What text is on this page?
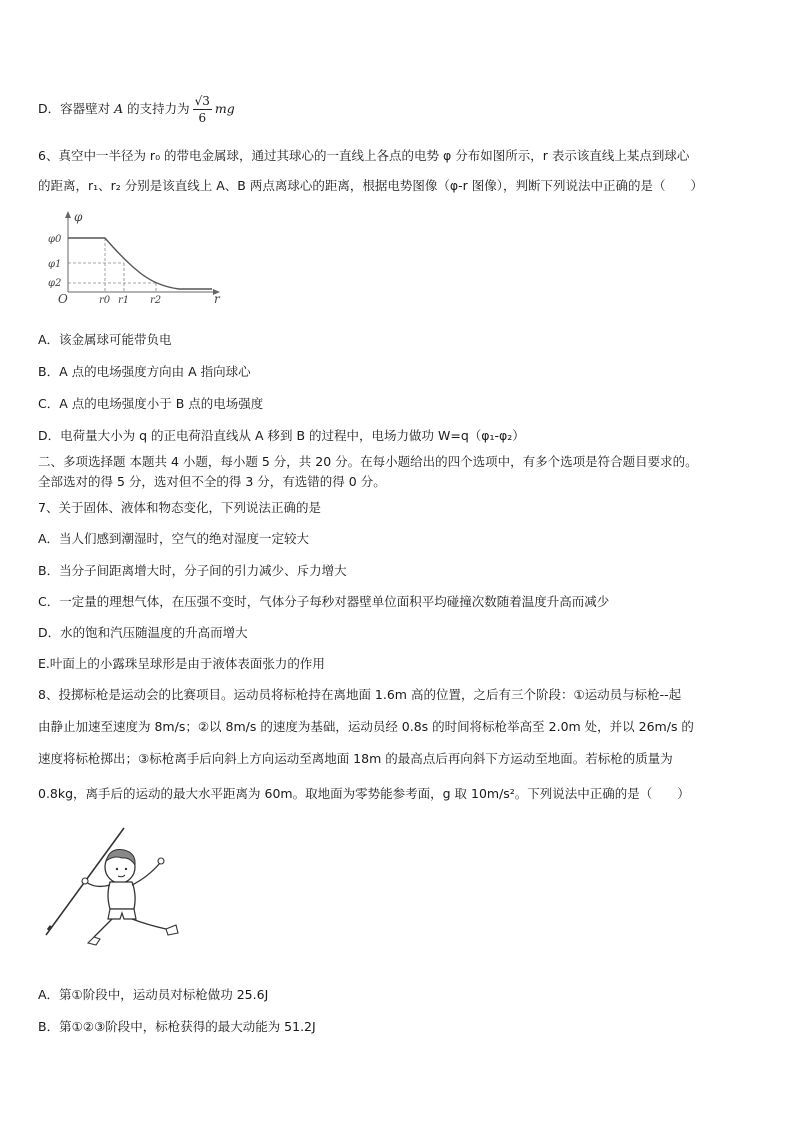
D．容器壁对 A 的支持力为 $\frac{√3}{6}$ mg
6、真空中一半径为 r₀ 的带电金属球，通过其球心的一直线上各点的电势 φ 分布如图所示，r 表示该直线上某点到球心
的距离，r₁、r₂ 分别是该直线上 A、B 两点离球心的距离，根据电势图像（φ-r 图像），判断下列说法中正确的是（　　）
φ
r
O
φ0
φ1
φ2
r0 r1 r2
A．该金属球可能带负电
B．A 点的电场强度方向由 A 指向球心
C．A 点的电场强度小于 B 点的电场强度
D．电荷量大小为 q 的正电荷沿直线从 A 移到 B 的过程中，电场力做功 W=q（φ₁-φ₂）
二、多项选择题 本题共 4 小题，每小题 5 分，共 20 分。在每小题给出的四个选项中，有多个选项是符合题目要求的。
全部选对的得 5 分，选对但不全的得 3 分，有选错的得 0 分。
7、关于固体、液体和物态变化，下列说法正确的是
A．当人们感到潮湿时，空气的绝对湿度一定较大
B．当分子间距离增大时，分子间的引力减少、斥力增大
C．一定量的理想气体，在压强不变时，气体分子每秒对器壁单位面积平均碰撞次数随着温度升高而减少
D．水的饱和汽压随温度的升高而增大
E.叶面上的小露珠呈球形是由于液体表面张力的作用
8、投掷标枪是运动会的比赛项目。运动员将标枪持在离地面 1.6m 高的位置，之后有三个阶段：①运动员与标枪--起
由静止加速至速度为 8m/s；②以 8m/s 的速度为基础，运动员经 0.8s 的时间将标枪举高至 2.0m 处，并以 26m/s 的
速度将标枪掷出；③标枪离手后向斜上方向运动至离地面 18m 的最高点后再向斜下方运动至地面。若标枪的质量为
0.8kg，离手后的运动的最大水平距离为 60m。取地面为零势能参考面，g 取 10m/s²。下列说法中正确的是（　　）
A．第①阶段中，运动员对标枪做功 25.6J
B．第①②③阶段中，标枪获得的最大动能为 51.2J
